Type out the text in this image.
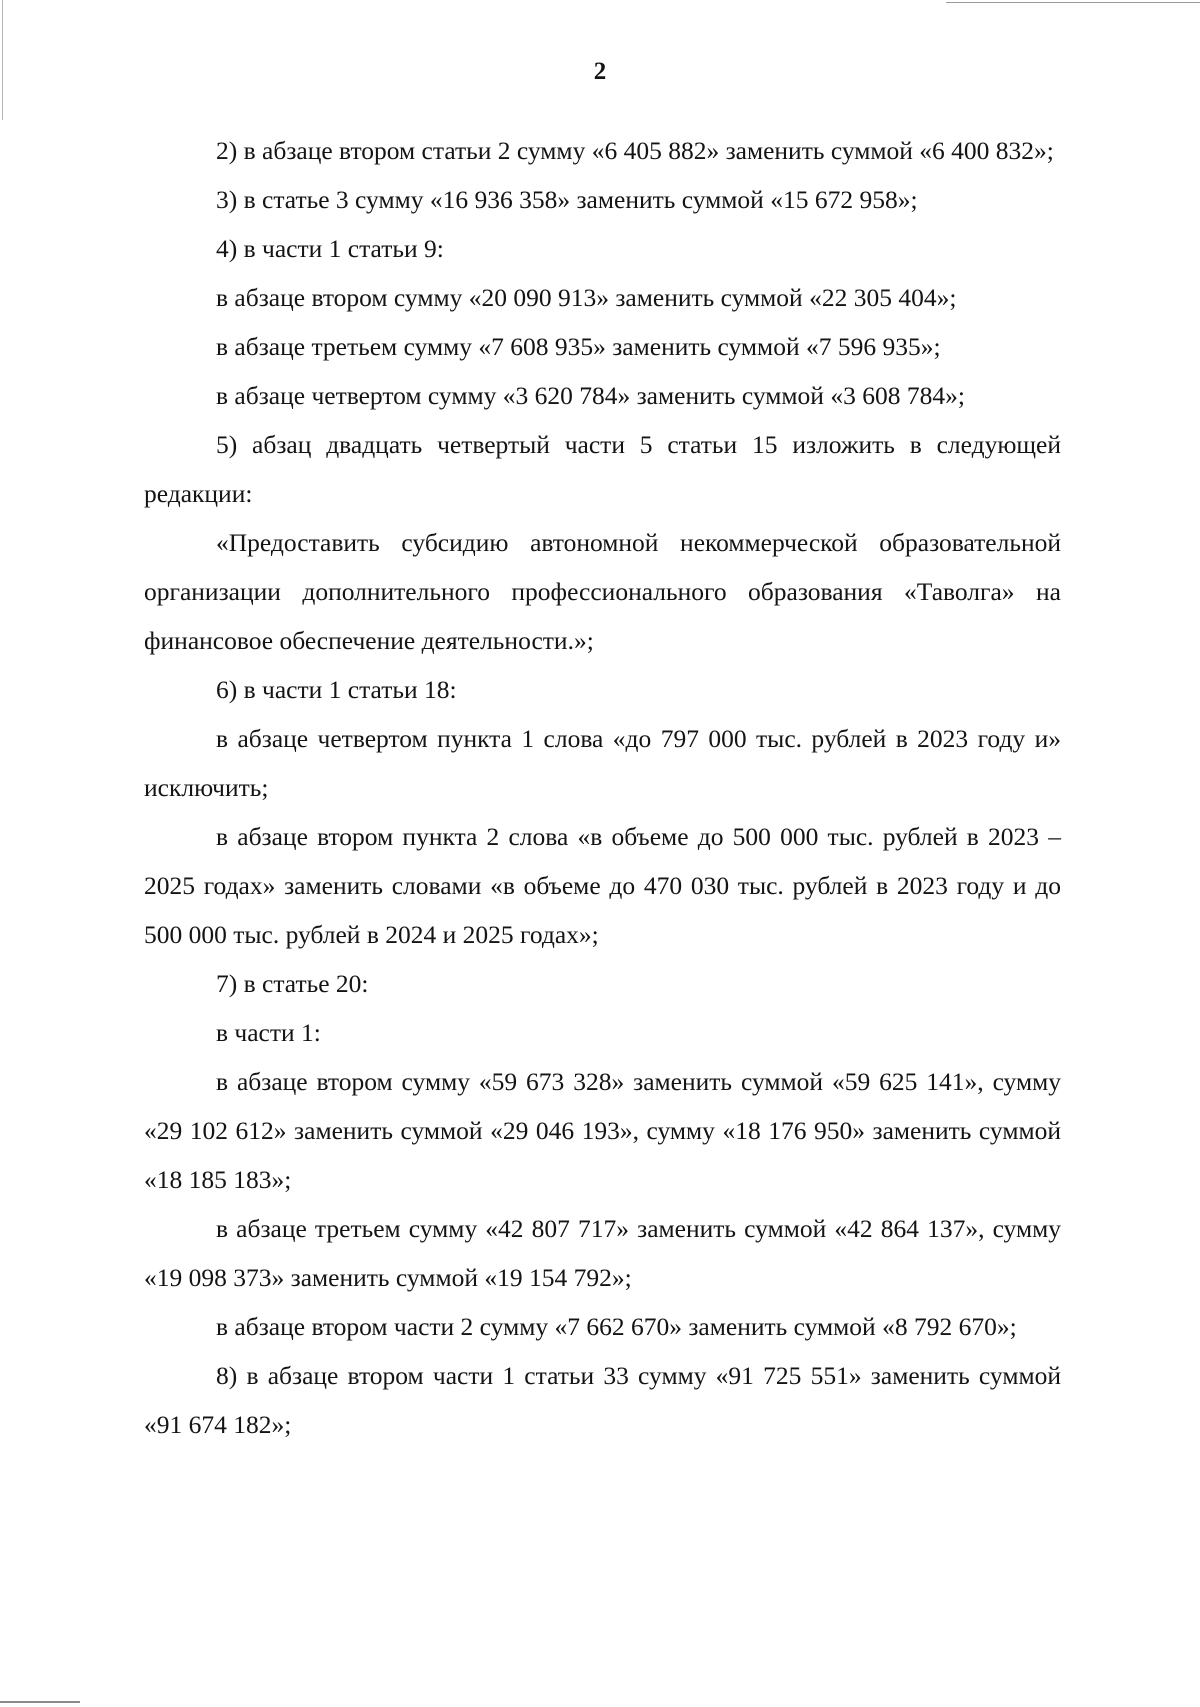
2

2) в абзаце втором статьи 2 сумму «6 405 882» заменить суммой «6 400 832»;

3) в статье 3 сумму «16 936 358» заменить суммой «15 672 958»;

4) в части 1 статьи 9:

в абзаце втором сумму «20 090 913» заменить суммой «22 305 404»;

в абзаце третьем сумму «7 608 935» заменить суммой «7 596 935»;

в абзаце четвертом сумму «3 620 784» заменить суммой «3 608 784»;

5) абзац двадцать четвертый части 5 статьи 15 изложить в следующей редакции:

«Предоставить субсидию автономной некоммерческой образовательной организации дополнительного профессионального образования «Таволга» на финансовое обеспечение деятельности.»;

6) в части 1 статьи 18:

в абзаце четвертом пункта 1 слова «до 797 000 тыс. рублей в 2023 году и» исключить;

в абзаце втором пункта 2 слова «в объеме до 500 000 тыс. рублей в 2023 – 2025 годах» заменить словами «в объеме до 470 030 тыс. рублей в 2023 году и до 500 000 тыс. рублей в 2024 и 2025 годах»;

7) в статье 20:

в части 1:

в абзаце втором сумму «59 673 328» заменить суммой «59 625 141», сумму «29 102 612» заменить суммой «29 046 193», сумму «18 176 950» заменить суммой «18 185 183»;

в абзаце третьем сумму «42 807 717» заменить суммой «42 864 137», сумму «19 098 373» заменить суммой «19 154 792»;

в абзаце втором части 2 сумму «7 662 670» заменить суммой «8 792 670»;

8) в абзаце втором части 1 статьи 33 сумму «91 725 551» заменить суммой «91 674 182»;
